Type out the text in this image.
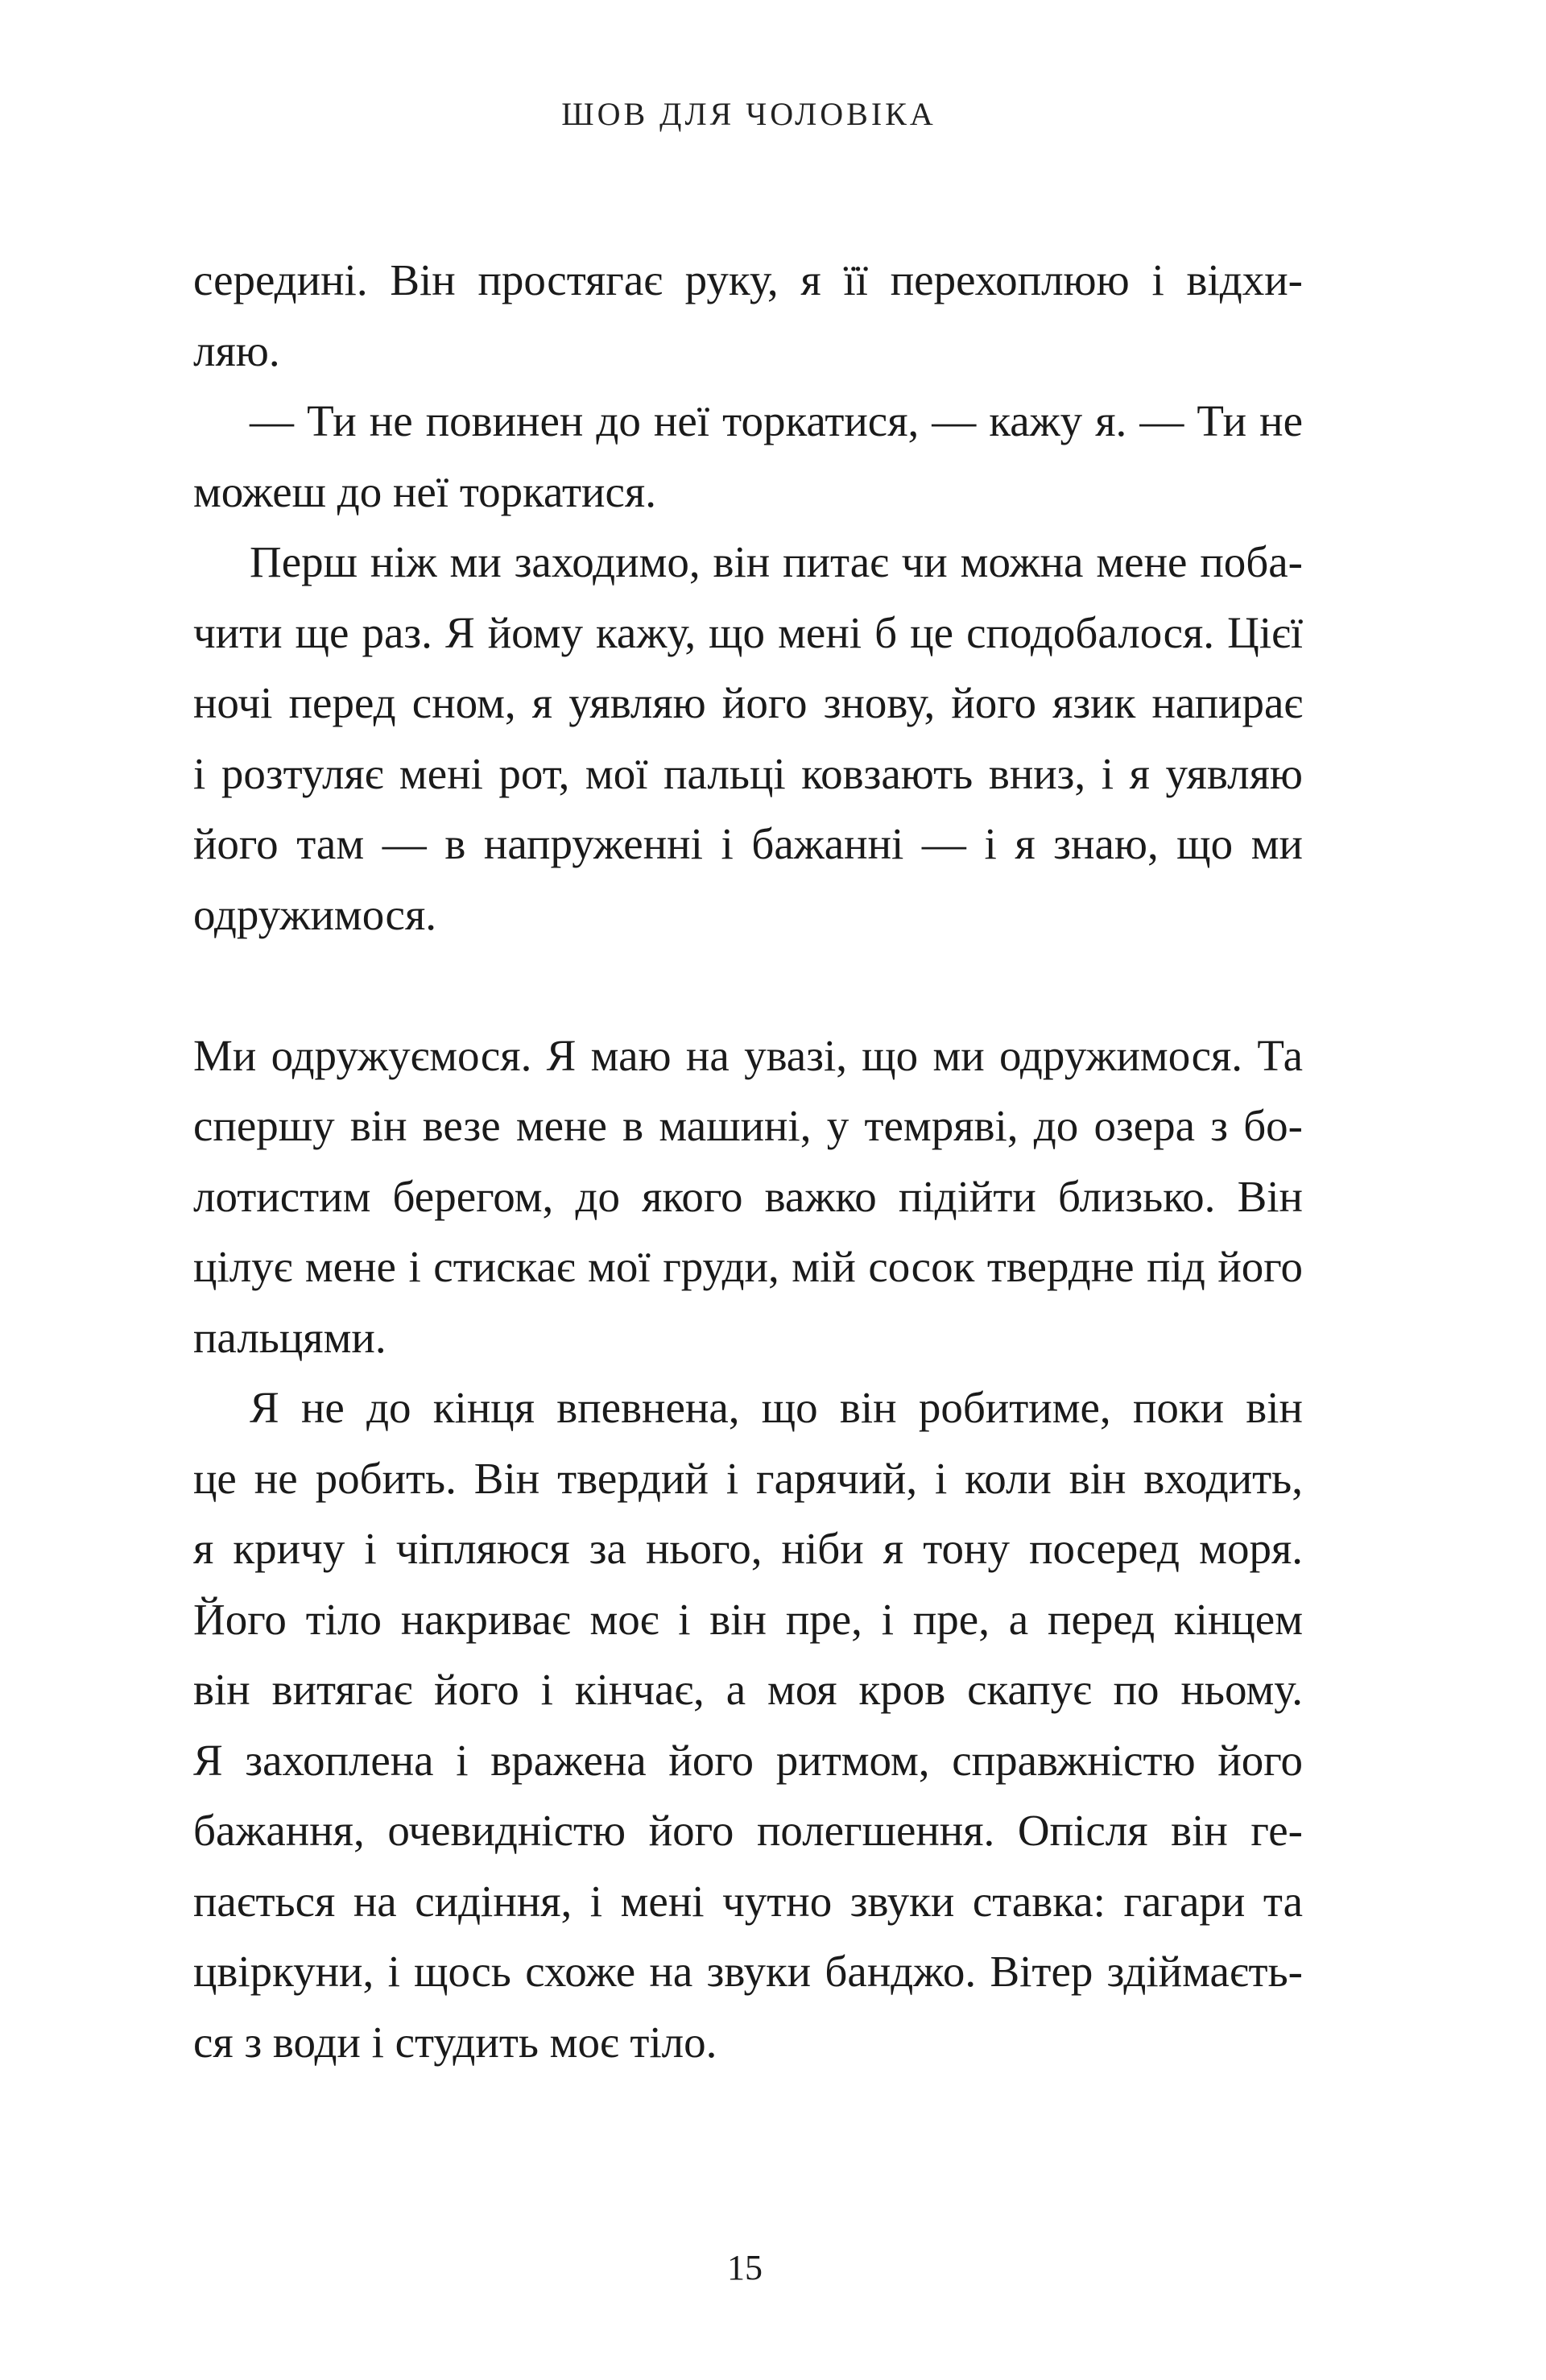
ШОВ ДЛЯ ЧОЛОВІКА
середині. Він простягає руку, я її перехоплюю і відхи-
ляю.
— Ти не повинен до неї торкатися, — кажу я. — Ти не
можеш до неї торкатися.
Перш ніж ми заходимо, він питає чи можна мене поба-
чити ще раз. Я йому кажу, що мені б це сподобалося. Цієї
ночі перед сном, я уявляю його знову, його язик напирає
і розтуляє мені рот, мої пальці ковзають вниз, і я уявляю
його там — в напруженні і бажанні — і я знаю, що ми
одружимося.
Ми одружуємося. Я маю на увазі, що ми одружимося. Та
спершу він везе мене в машині, у темряві, до озера з бо-
лотистим берегом, до якого важко підійти близько. Він
цілує мене і стискає мої груди, мій сосок твердне під його
пальцями.
Я не до кінця впевнена, що він робитиме, поки він
це не робить. Він твердий і гарячий, і коли він входить,
я кричу і чіпляюся за нього, ніби я тону посеред моря.
Його тіло накриває моє і він пре, і пре, а перед кінцем
він витягає його і кінчає, а моя кров скапує по ньому.
Я захоплена і вражена його ритмом, справжністю його
бажання, очевидністю його полегшення. Опісля він ге-
пається на сидіння, і мені чутно звуки ставка: гагари та
цвіркуни, і щось схоже на звуки банджо. Вітер здіймаєть-
ся з води і студить моє тіло.
15
